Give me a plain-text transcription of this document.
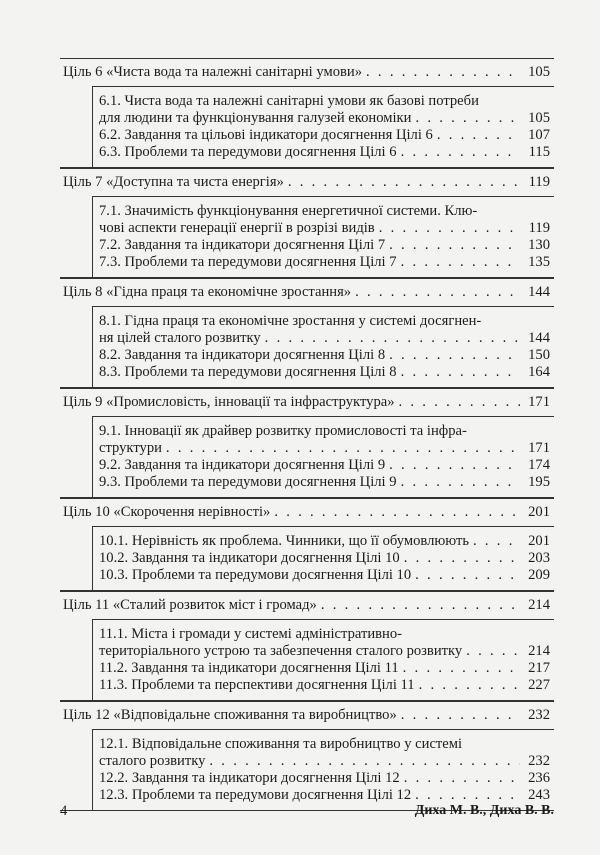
Ціль 6 «Чиста вода та належні санітарні умови» . . .	105
6.1. Чиста вода та належні санітарні умови як базові потреби
для людини та функціонування галузей економіки . . .	105
6.2. Завдання та цільові індикатори досягнення Цілі 6 . . .	107
6.3. Проблеми та передумови досягнення Цілі 6 . . .	115
Ціль 7 «Доступна та чиста енергія» . . .	119
7.1. Значимість функціонування енергетичної системи. Клю-
чові аспекти генерації енергії в розрізі видів . . .	119
7.2. Завдання та індикатори досягнення Цілі 7 . . .	130
7.3. Проблеми та передумови досягнення Цілі 7 . . .	135
Ціль 8 «Гідна праця та економічне зростання» . . .	144
8.1. Гідна праця та економічне зростання у системі досягнен-
ня цілей сталого розвитку . . .	144
8.2. Завдання та індикатори досягнення Цілі 8 . . .	150
8.3. Проблеми та передумови досягнення Цілі 8 . . .	164
Ціль 9 «Промисловість, інновації та інфраструктура» . . .	171
9.1. Інновації як драйвер розвитку промисловості та інфра-
структури . . .	171
9.2. Завдання та індикатори досягнення Цілі 9 . . .	174
9.3. Проблеми та передумови досягнення Цілі 9 . . .	195
Ціль 10 «Скорочення нерівності» . . .	201
10.1. Нерівність як проблема. Чинники, що її обумовлюють . . .	201
10.2. Завдання та індикатори досягнення Цілі 10 . . .	203
10.3. Проблеми та передумови досягнення Цілі 10 . . .	209
Ціль 11 «Сталий розвиток міст і громад» . . .	214
11.1. Міста і громади у системі адміністративно-
територіального устрою та забезпечення сталого розвитку . . .	214
11.2. Завдання та індикатори досягнення Цілі 11 . . .	217
11.3. Проблеми та перспективи досягнення Цілі 11 . . .	227
Ціль 12 «Відповідальне споживання та виробництво» . . .	232
12.1. Відповідальне споживання та виробництво у системі
сталого розвитку . . .	232
12.2. Завдання та індикатори досягнення Цілі 12 . . .	236
12.3. Проблеми та передумови досягнення Цілі 12 . . .	243
4	Диха М. В., Диха В. В.
